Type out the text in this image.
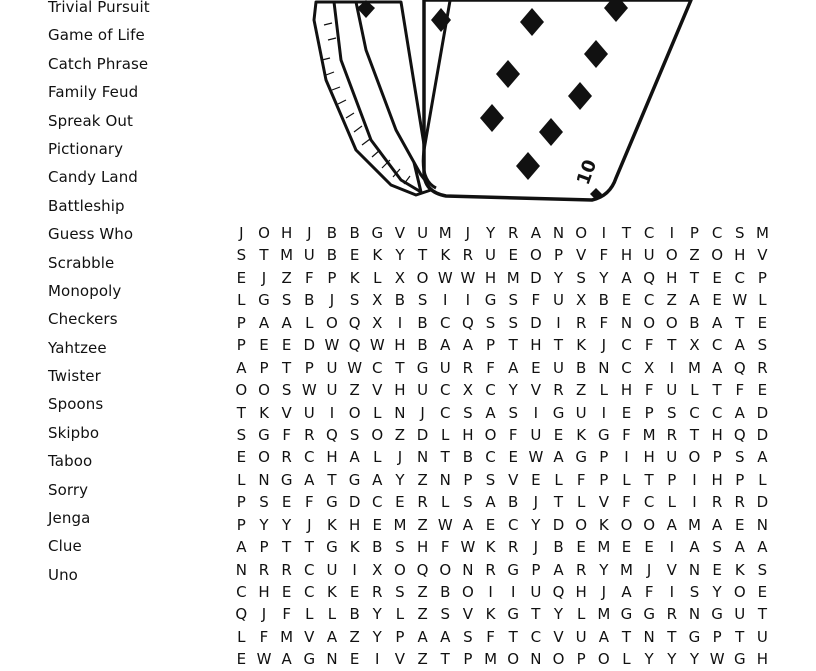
Trivial Pursuit
Game of Life
Catch Phrase
Family Feud
Spreak Out
Pictionary
Candy Land
Battleship
Guess Who
Scrabble
Monopoly
Checkers
Yahtzee
Twister
Spoons
Skipbo
Taboo
Sorry
Jenga
Clue
Uno
10
J O H J	B B G V U M J	Y R A N O I	T C	I	P C S M
S T M U B E K Y T K R U E O P V F H U O Z O H V
E	J	Z F P K L X O W W H M D Y S Y A Q H T E C P
L G S B	J	S X B S	I	I G S F U X B E C Z A E W L
P A A L O Q X	I	B C Q S S D I	R F N O O B A T E
P E E D W Q W H B A A P T H T K	J	C F T X C A S
A P T P U W C T G U R F A E U B N C X	I M A Q R
O O S W U Z V H U C X C Y V R Z L H F U L T F E
T K V U I O L N J	C S A S	I G U I	E P S C C A D
S G F R Q S O Z D L H O F U E K G F M R T H Q D
E O R C H A L	J N T B C E W A G P	I H U O P S A
L N G A T G A Y Z N P S V E L F P L T P	I H P L
P S E F G D C E R L S A B	J	T L V F C L	I	R R D
P Y Y	J	K H E M Z W A E C Y D O K O O A M A E N
A P T T G K B S H F W K R	J	B E M E E	I	A S A A
N R R C U I	X O Q O N R G P A R Y M J	V N E K S
C H E C K E R S Z B O I	I U Q H J	A F	I	S Y O E
Q J	F L L B Y L Z S V K G T Y L M G G R N G U T
L F M V A Z Y P A A S F T C V U A T N T G P T U
E W A G N E	I	V Z T P M O N O P O L Y Y Y W G H
